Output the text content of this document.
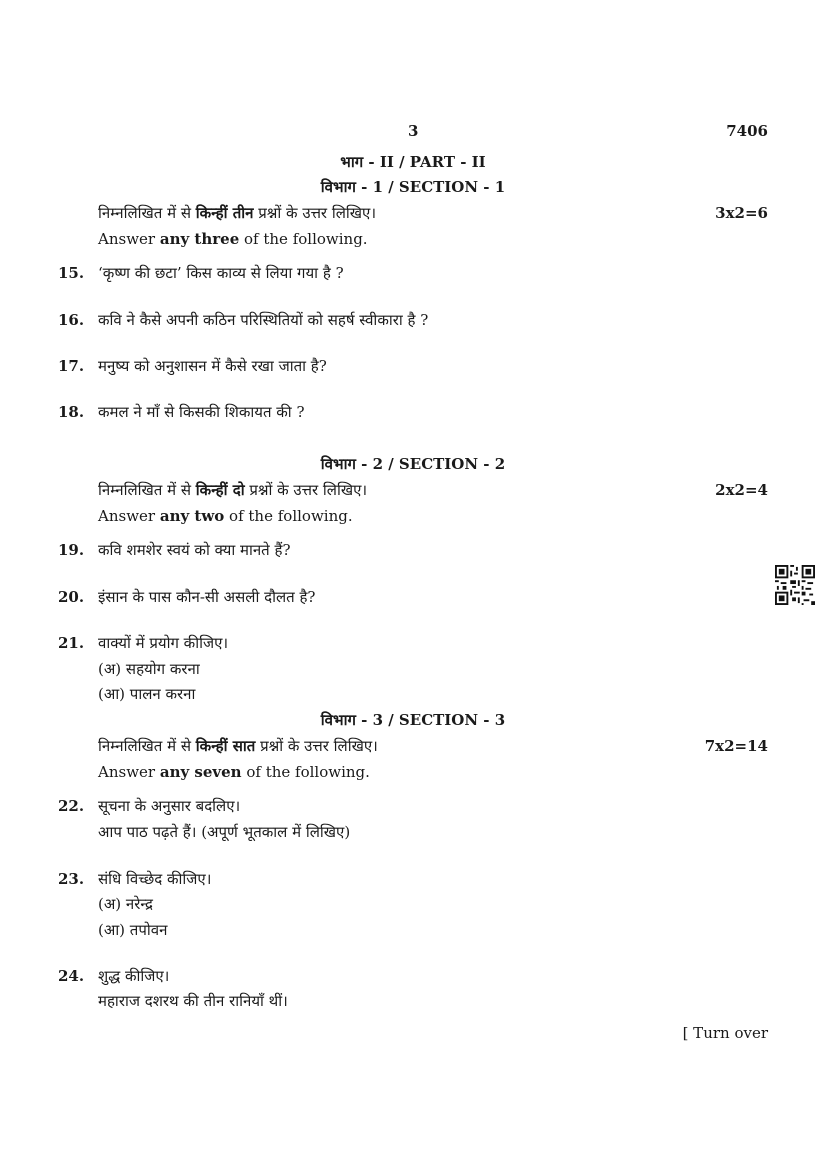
3	7406
भाग - II / PART - II
विभाग - 1 / SECTION - 1
निम्नलिखित में से किन्हीं तीन प्रश्नों के उत्तर लिखिए।	3x2=6
Answer any three of the following.
15. ‘कृष्ण की छटा’ किस काव्य से लिया गया है ?
16. कवि ने कैसे अपनी कठिन परिस्थितियों को सहर्ष स्वीकारा है ?
17. मनुष्य को अनुशासन में कैसे रखा जाता है?
18. कमल ने माँ से किसकी शिकायत की ?
विभाग - 2 / SECTION - 2
निम्नलिखित में से किन्हीं दो प्रश्नों के उत्तर लिखिए।	2x2=4
Answer any two of the following.
19. कवि शमशेर स्वयं को क्या मानते हैं?
20. इंसान के पास कौन-सी असली दौलत है?
21. वाक्यों में प्रयोग कीजिए।
(अ) सहयोग करना
(आ) पालन करना
विभाग - 3 / SECTION - 3
निम्नलिखित में से किन्हीं सात प्रश्नों के उत्तर लिखिए।	7x2=14
Answer any seven of the following.
22. सूचना के अनुसार बदलिए।
आप पाठ पढ़ते हैं। (अपूर्ण भूतकाल में लिखिए)
23. संधि विच्छेद कीजिए।
(अ) नरेन्द्र
(आ) तपोवन
24. शुद्ध कीजिए।
महाराज दशरथ की तीन रानियाँ थीं।
[ Turn over
